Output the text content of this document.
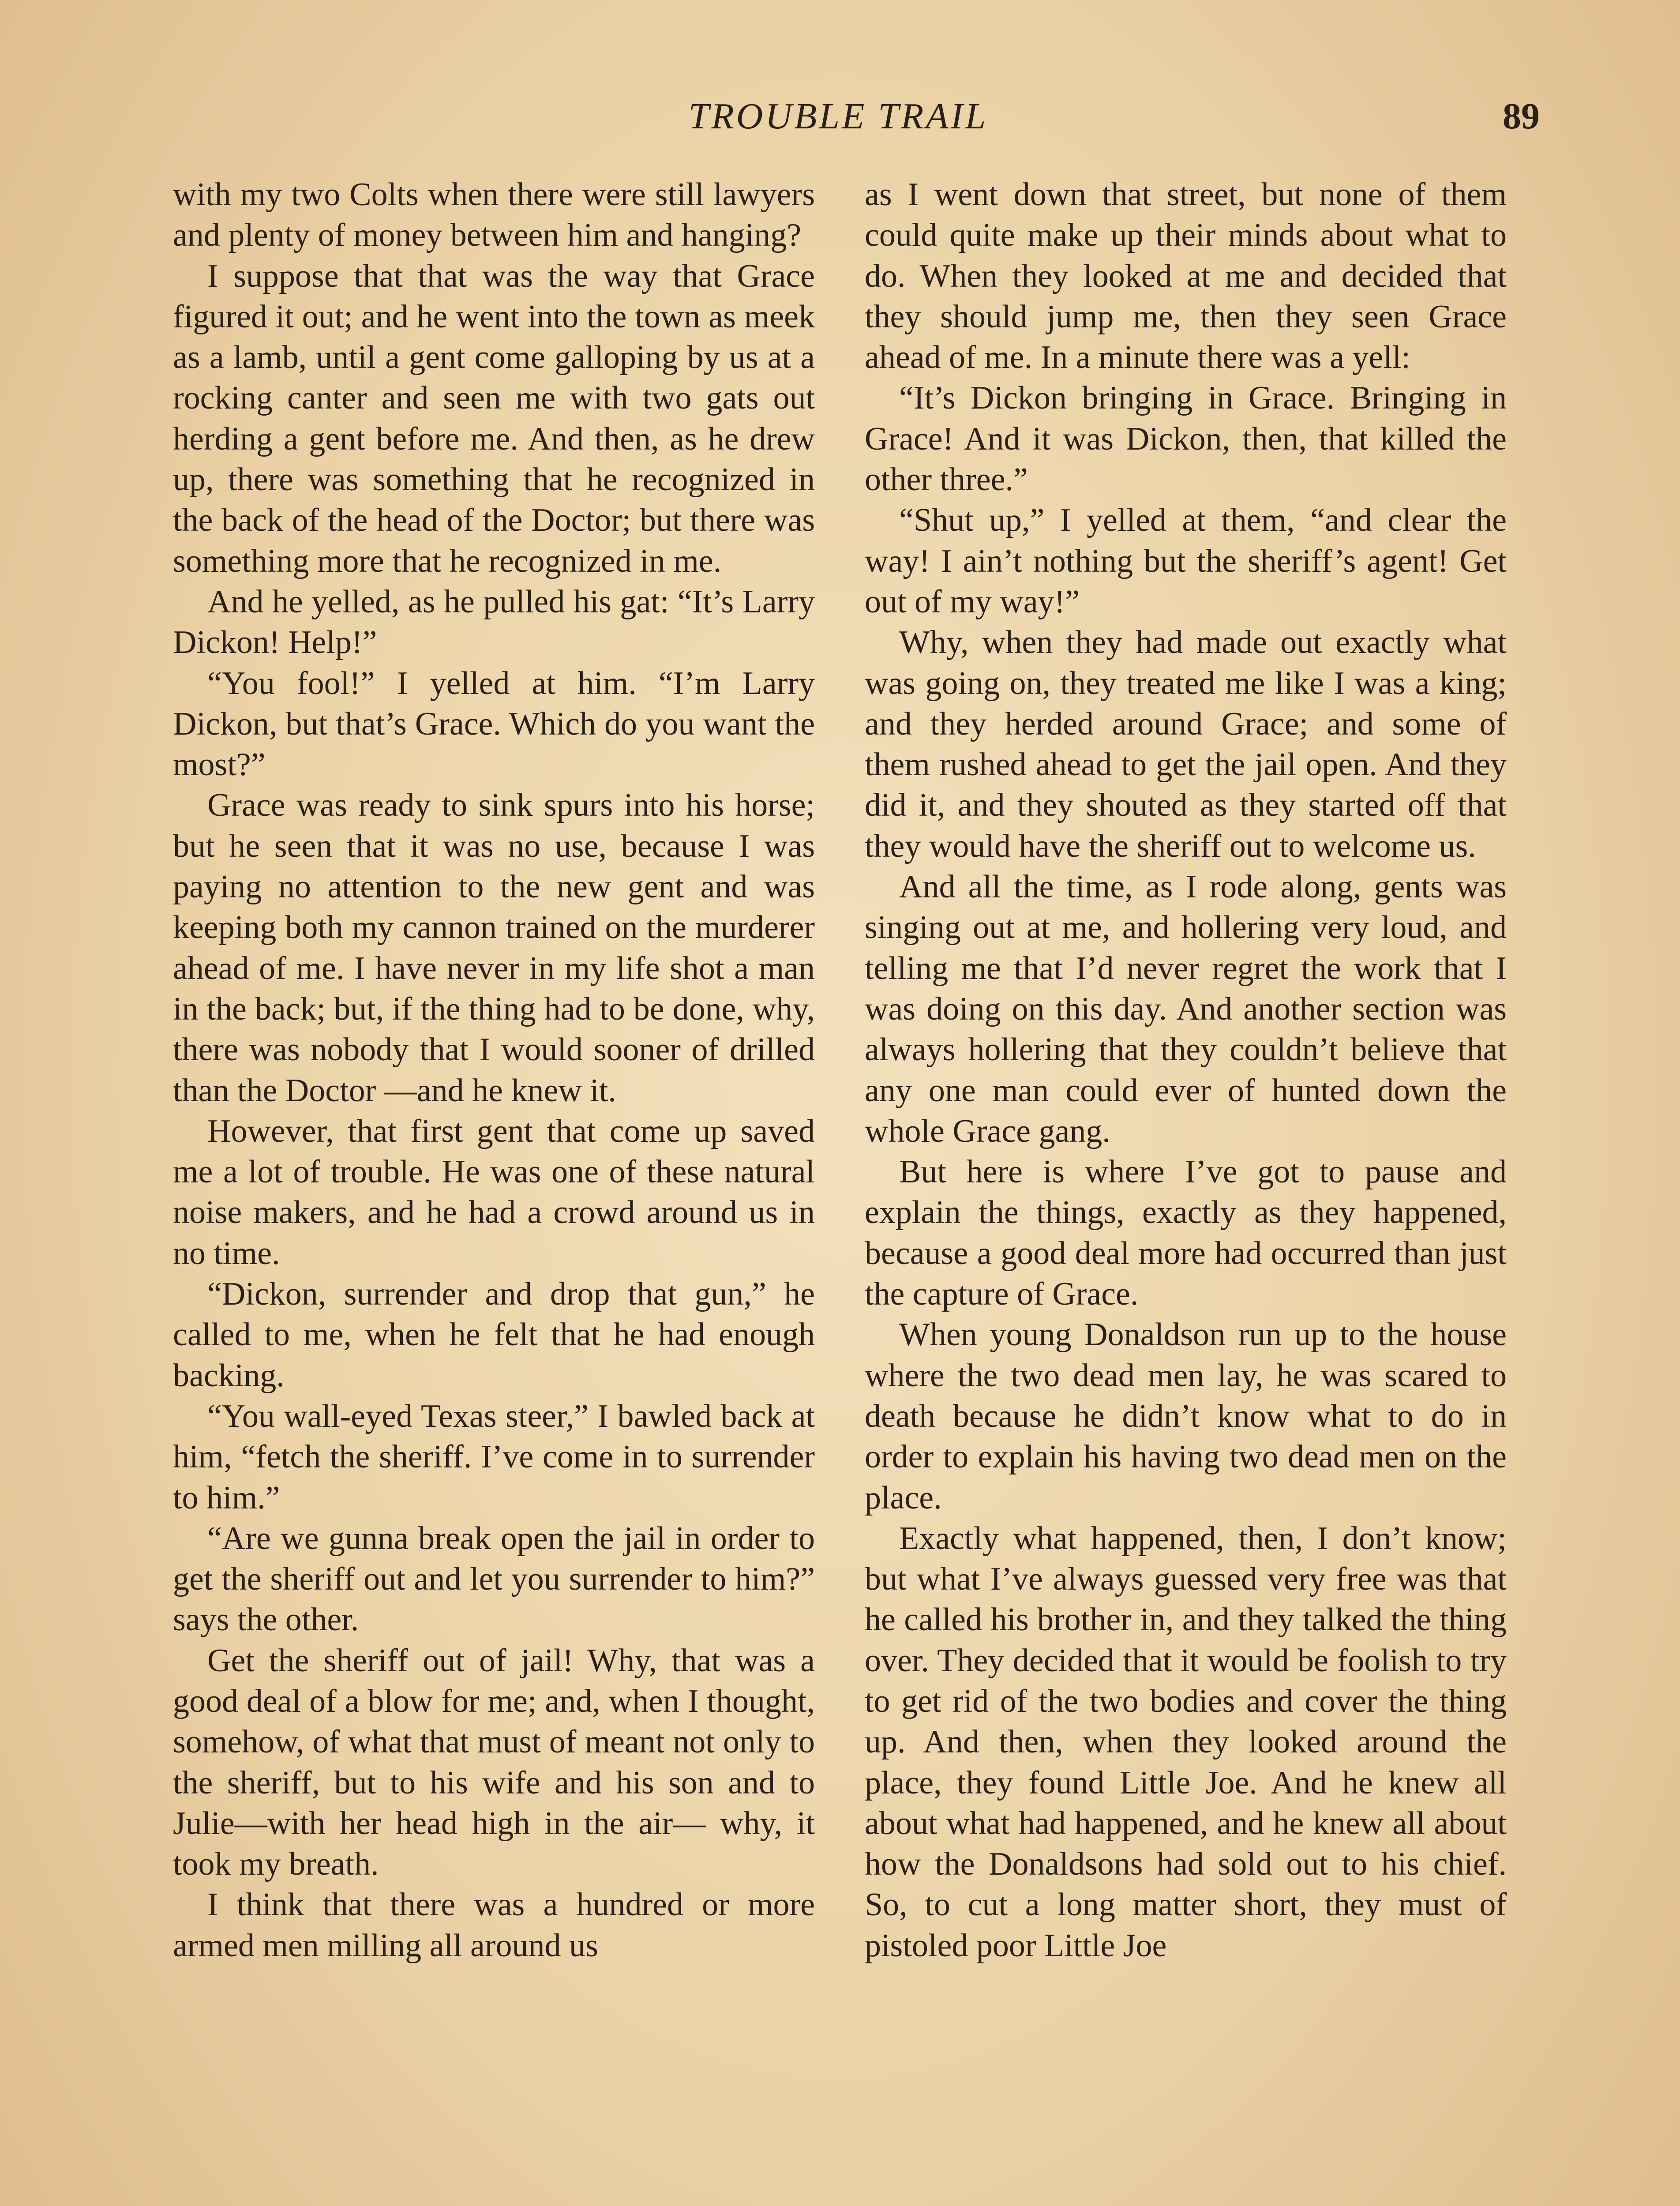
TROUBLE TRAIL	89

with my two Colts when there were still lawyers and plenty of money between him and hanging?

I suppose that that was the way that Grace figured it out; and he went into the town as meek as a lamb, until a gent come galloping by us at a rocking canter and seen me with two gats out herding a gent before me. And then, as he drew up, there was something that he recognized in the back of the head of the Doctor; but there was something more that he recognized in me.

And he yelled, as he pulled his gat: “It’s Larry Dickon! Help!”

“You fool!” I yelled at him. “I’m Larry Dickon, but that’s Grace. Which do you want the most?”

Grace was ready to sink spurs into his horse; but he seen that it was no use, because I was paying no attention to the new gent and was keeping both my cannon trained on the murderer ahead of me. I have never in my life shot a man in the back; but, if the thing had to be done, why, there was nobody that I would sooner of drilled than the Doctor —and he knew it.

However, that first gent that come up saved me a lot of trouble. He was one of these natural noise makers, and he had a crowd around us in no time.

“Dickon, surrender and drop that gun,” he called to me, when he felt that he had enough backing.

“You wall-eyed Texas steer,” I bawled back at him, “fetch the sheriff. I’ve come in to surrender to him.”

“Are we gunna break open the jail in order to get the sheriff out and let you surrender to him?” says the other.

Get the sheriff out of jail! Why, that was a good deal of a blow for me; and, when I thought, somehow, of what that must of meant not only to the sheriff, but to his wife and his son and to Julie—with her head high in the air— why, it took my breath.

I think that there was a hundred or more armed men milling all around us

as I went down that street, but none of them could quite make up their minds about what to do. When they looked at me and decided that they should jump me, then they seen Grace ahead of me. In a minute there was a yell:

“It’s Dickon bringing in Grace. Bringing in Grace! And it was Dickon, then, that killed the other three.”

“Shut up,” I yelled at them, “and clear the way! I ain’t nothing but the sheriff’s agent! Get out of my way!”

Why, when they had made out exactly what was going on, they treated me like I was a king; and they herded around Grace; and some of them rushed ahead to get the jail open. And they did it, and they shouted as they started off that they would have the sheriff out to welcome us.

And all the time, as I rode along, gents was singing out at me, and hollering very loud, and telling me that I’d never regret the work that I was doing on this day. And another section was always hollering that they couldn’t believe that any one man could ever of hunted down the whole Grace gang.

But here is where I’ve got to pause and explain the things, exactly as they happened, because a good deal more had occurred than just the capture of Grace.

When young Donaldson run up to the house where the two dead men lay, he was scared to death because he didn’t know what to do in order to explain his having two dead men on the place.

Exactly what happened, then, I don’t know; but what I’ve always guessed very free was that he called his brother in, and they talked the thing over. They decided that it would be foolish to try to get rid of the two bodies and cover the thing up. And then, when they looked around the place, they found Little Joe. And he knew all about what had happened, and he knew all about how the Donaldsons had sold out to his chief. So, to cut a long matter short, they must of pistoled poor Little Joe
